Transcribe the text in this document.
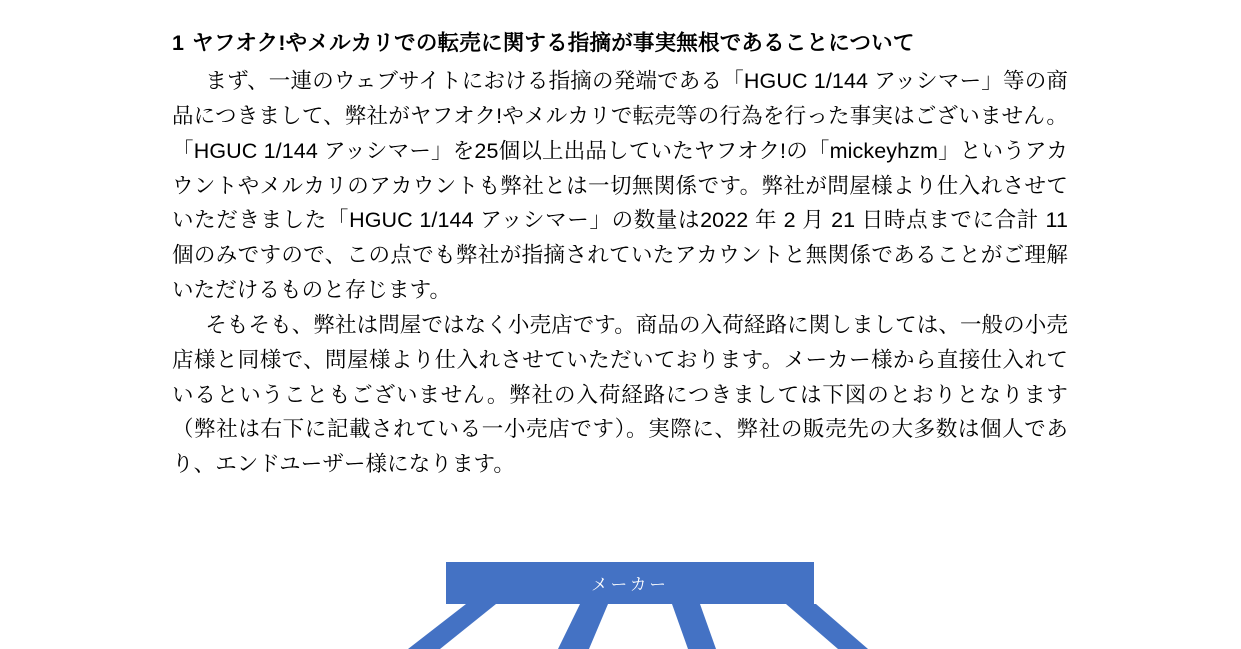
1 ヤフオク!やメルカリでの転売に関する指摘が事実無根であることについて

まず、一連のウェブサイトにおける指摘の発端である「HGUC 1/144 アッシマー」等の商品につきまして、弊社がヤフオク!やメルカリで転売等の行為を行った事実はございません。「HGUC 1/144 アッシマー」を25個以上出品していたヤフオク!の「mickeyhzm」というアカウントやメルカリのアカウントも弊社とは一切無関係です。弊社が問屋様より仕入れさせていただきました「HGUC 1/144 アッシマー」の数量は2022 年 2 月 21 日時点までに合計 11 個のみですので、この点でも弊社が指摘されていたアカウントと無関係であることがご理解いただけるものと存じます。

そもそも、弊社は問屋ではなく小売店です。商品の入荷経路に関しましては、一般の小売店様と同様で、問屋様より仕入れさせていただいております。メーカー様から直接仕入れているということもございません。弊社の入荷経路につきましては下図のとおりとなります（弊社は右下に記載されている一小売店です）。実際に、弊社の販売先の大多数は個人であり、エンドユーザー様になります。

メーカー
